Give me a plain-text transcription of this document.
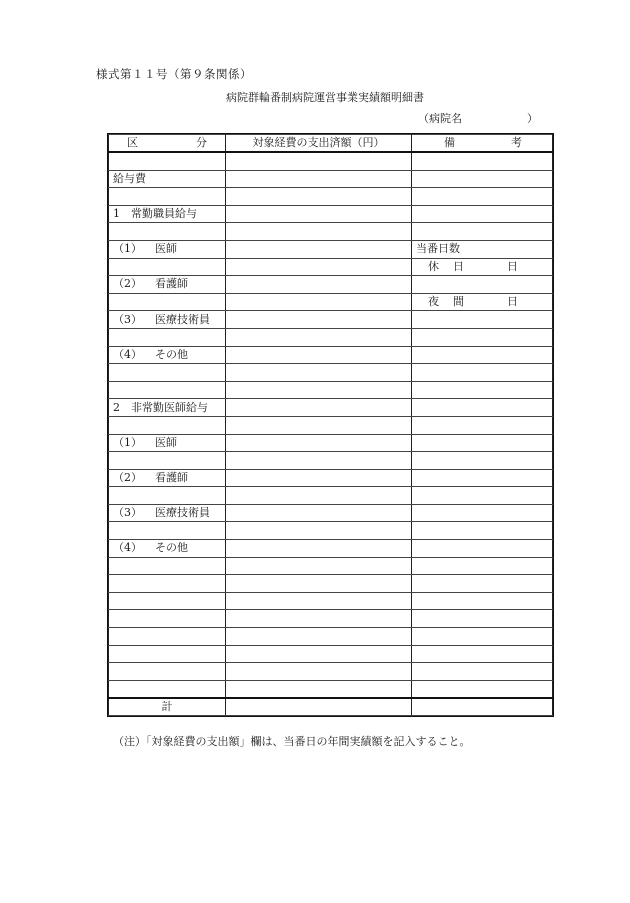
様式第１１号（第９条関係）
病院群輪番制病院運営事業実績額明細書
（病院名	）
区 分	対象経費の支出済額（円）	備 考

給与費		

1　常勤職員給与		

（1） 医師		当番日数

		休 日 日

（2） 看護師		

		夜 間 日

（3） 医療技術員		

（4） その他		

2　非常勤医師給与		

（1） 医師		

（2） 看護師		

（3） 医療技術員		

（4） その他		

計		
（注）「対象経費の支出額」欄は、当番日の年間実績額を記入すること。
